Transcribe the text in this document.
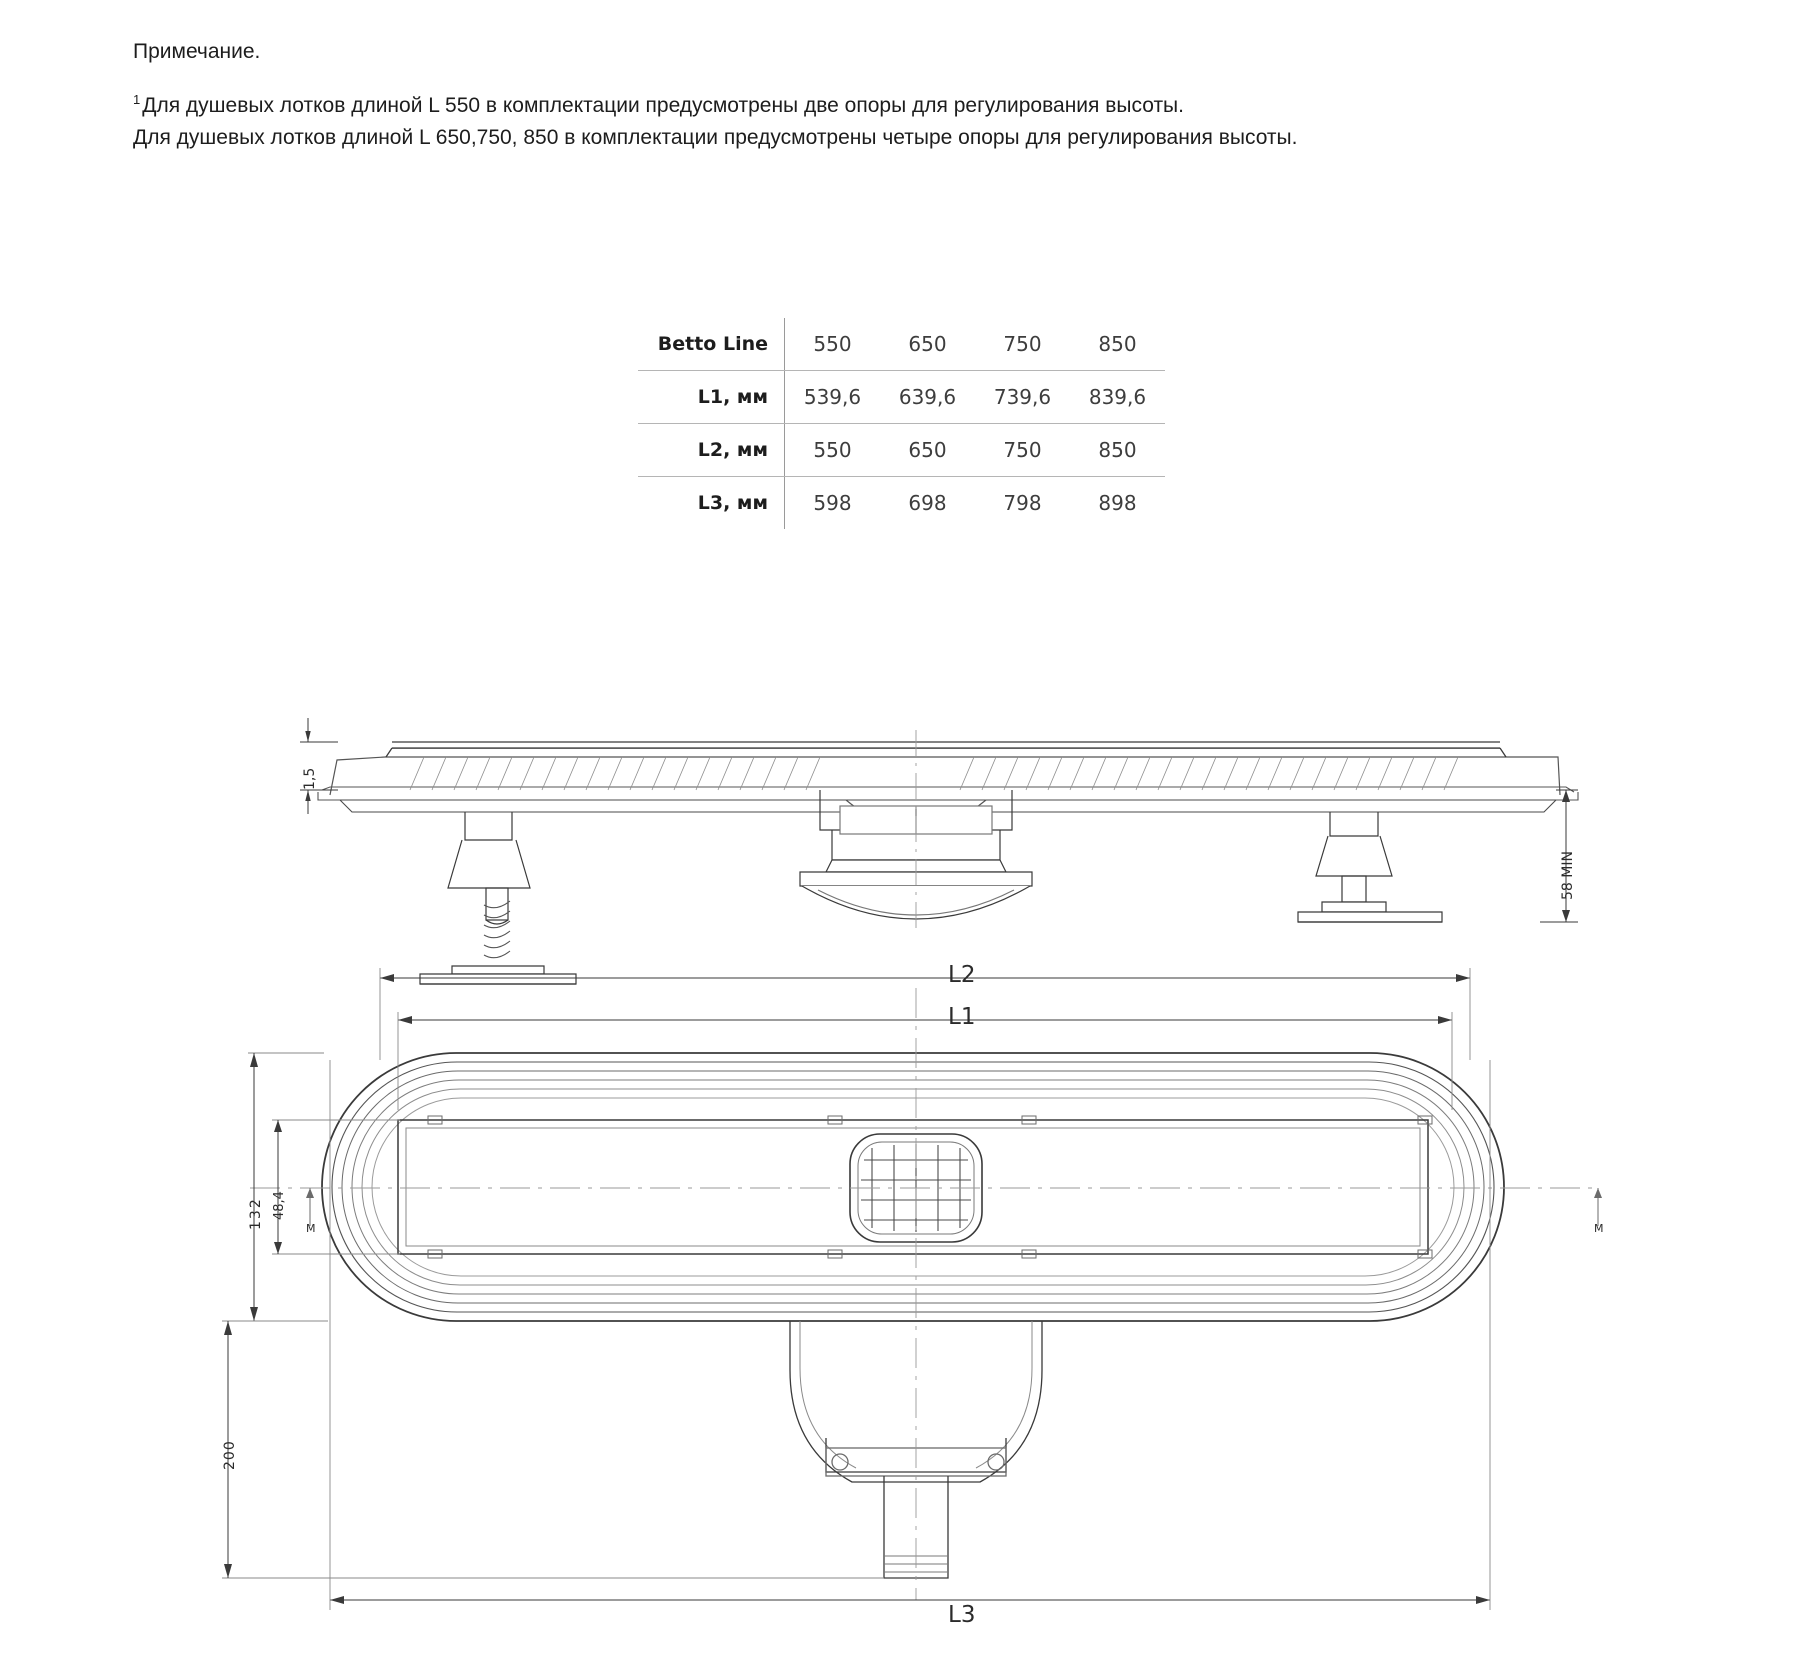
Примечание.
$^1$Для душевых лотков длиной L 550 в комплектации предусмотрены две опоры для регулирования высоты.
Для душевых лотков длиной L 650,750, 850 в комплектации предусмотрены четыре опоры для регулирования высоты.
Betto Line	550	650	750	850
L1, мм	539,6	639,6	739,6	839,6
L2, мм	550	650	750	850
L3, мм	598	698	798	898
1,5
58 MIN
L2
L1
L3
132 48,4
200
M	M
